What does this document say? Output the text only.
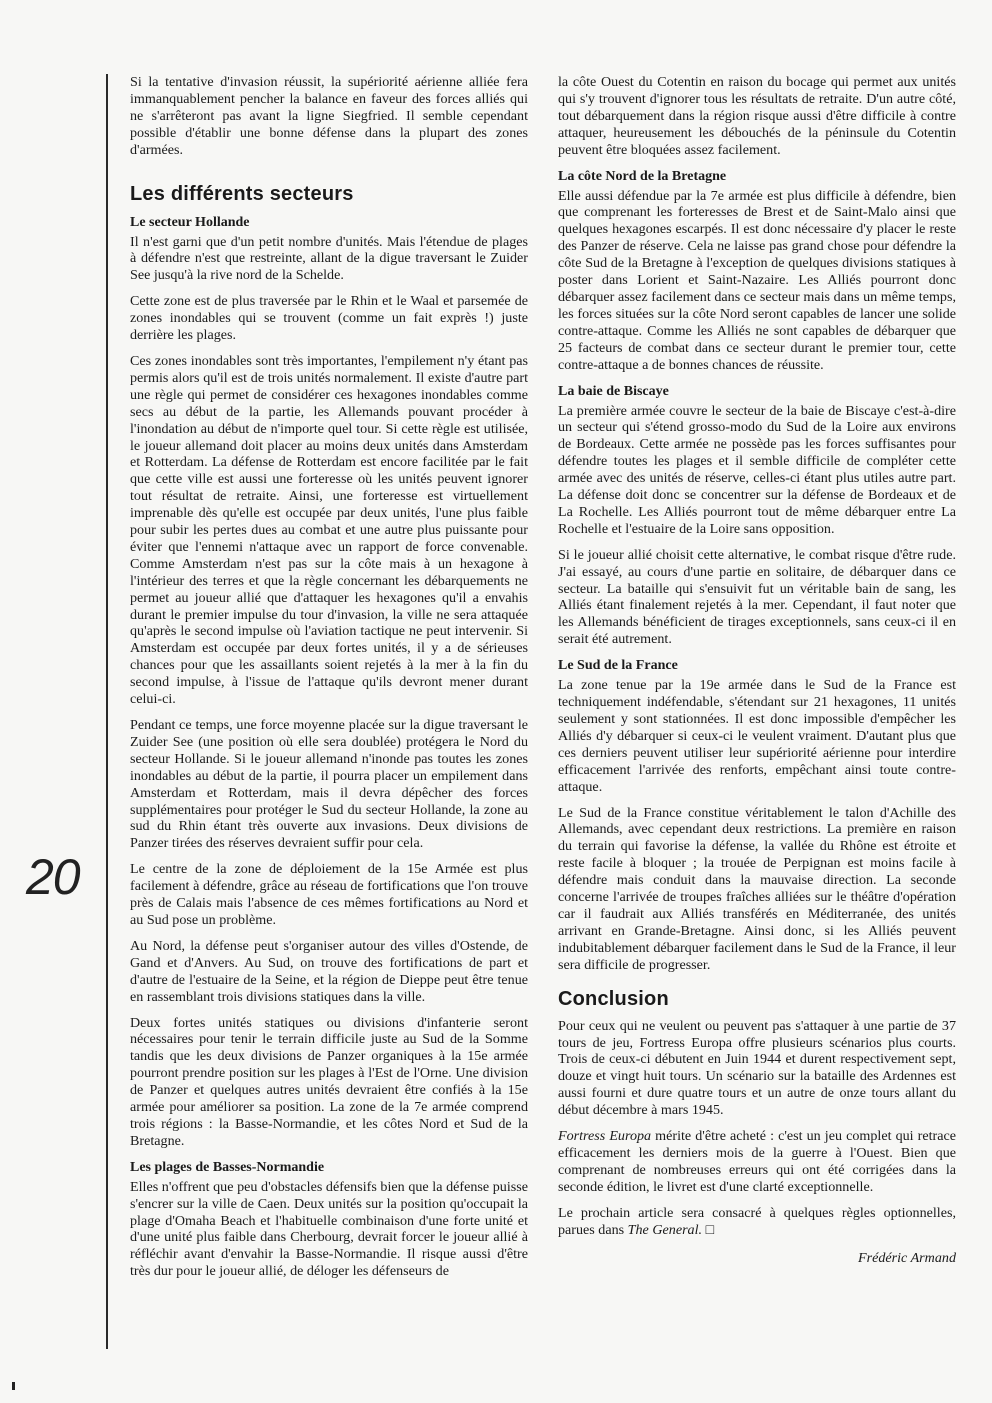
20

Si la tentative d'invasion réussit, la supériorité aérienne alliée fera immanquablement pencher la balance en faveur des forces alliés qui ne s'arrêteront pas avant la ligne Siegfried. Il semble cependant possible d'établir une bonne défense dans la plupart des zones d'armées.

Les différents secteurs
Le secteur Hollande

Il n'est garni que d'un petit nombre d'unités. Mais l'étendue de plages à défendre n'est que restreinte, allant de la digue traversant le Zuider See jusqu'à la rive nord de la Schelde.

Cette zone est de plus traversée par le Rhin et le Waal et parsemée de zones inondables qui se trouvent (comme un fait exprès !) juste derrière les plages.

Ces zones inondables sont très importantes, l'empilement n'y étant pas permis alors qu'il est de trois unités normalement. Il existe d'autre part une règle qui permet de considérer ces hexagones inondables comme secs au début de la partie, les Allemands pouvant procéder à l'inondation au début de n'importe quel tour. Si cette règle est utilisée, le joueur allemand doit placer au moins deux unités dans Amsterdam et Rotterdam. La défense de Rotterdam est encore facilitée par le fait que cette ville est aussi une forteresse où les unités peuvent ignorer tout résultat de retraite. Ainsi, une forteresse est virtuellement imprenable dès qu'elle est occupée par deux unités, l'une plus faible pour subir les pertes dues au combat et une autre plus puissante pour éviter que l'ennemi n'attaque avec un rapport de force convenable. Comme Amsterdam n'est pas sur la côte mais à un hexagone à l'intérieur des terres et que la règle concernant les débarquements ne permet au joueur allié que d'attaquer les hexagones qu'il a envahis durant le premier impulse du tour d'invasion, la ville ne sera attaquée qu'après le second impulse où l'aviation tactique ne peut intervenir. Si Amsterdam est occupée par deux fortes unités, il y a de sérieuses chances pour que les assaillants soient rejetés à la mer à la fin du second impulse, à l'issue de l'attaque qu'ils devront mener durant celui-ci.

Pendant ce temps, une force moyenne placée sur la digue traversant le Zuider See (une position où elle sera doublée) protégera le Nord du secteur Hollande. Si le joueur allemand n'inonde pas toutes les zones inondables au début de la partie, il pourra placer un empilement dans Amsterdam et Rotterdam, mais il devra dépêcher des forces supplémentaires pour protéger le Sud du secteur Hollande, la zone au sud du Rhin étant très ouverte aux invasions. Deux divisions de Panzer tirées des réserves devraient suffir pour cela.

Le centre de la zone de déploiement de la 15e Armée est plus facilement à défendre, grâce au réseau de fortifications que l'on trouve près de Calais mais l'absence de ces mêmes fortifications au Nord et au Sud pose un problème.

Au Nord, la défense peut s'organiser autour des villes d'Ostende, de Gand et d'Anvers. Au Sud, on trouve des fortifications de part et d'autre de l'estuaire de la Seine, et la région de Dieppe peut être tenue en rassemblant trois divisions statiques dans la ville.

Deux fortes unités statiques ou divisions d'infanterie seront nécessaires pour tenir le terrain difficile juste au Sud de la Somme tandis que les deux divisions de Panzer organiques à la 15e armée pourront prendre position sur les plages à l'Est de l'Orne. Une division de Panzer et quelques autres unités devraient être confiés à la 15e armée pour améliorer sa position. La zone de la 7e armée comprend trois régions : la Basse-Normandie, et les côtes Nord et Sud de la Bretagne.

Les plages de Basses-Normandie

Elles n'offrent que peu d'obstacles défensifs bien que la défense puisse s'encrer sur la ville de Caen. Deux unités sur la position qu'occupait la plage d'Omaha Beach et l'habituelle combinaison d'une forte unité et d'une unité plus faible dans Cherbourg, devrait forcer le joueur allié à réfléchir avant d'envahir la Basse-Normandie. Il risque aussi d'être très dur pour le joueur allié, de déloger les défenseurs de

la côte Ouest du Cotentin en raison du bocage qui permet aux unités qui s'y trouvent d'ignorer tous les résultats de retraite. D'un autre côté, tout débarquement dans la région risque aussi d'être difficile à contre attaquer, heureusement les débouchés de la péninsule du Cotentin peuvent être bloquées assez facilement.

La côte Nord de la Bretagne

Elle aussi défendue par la 7e armée est plus difficile à défendre, bien que comprenant les forteresses de Brest et de Saint-Malo ainsi que quelques hexagones escarpés. Il est donc nécessaire d'y placer le reste des Panzer de réserve. Cela ne laisse pas grand chose pour défendre la côte Sud de la Bretagne à l'exception de quelques divisions statiques à poster dans Lorient et Saint-Nazaire. Les Alliés pourront donc débarquer assez facilement dans ce secteur mais dans un même temps, les forces situées sur la côte Nord seront capables de lancer une solide contre-attaque. Comme les Alliés ne sont capables de débarquer que 25 facteurs de combat dans ce secteur durant le premier tour, cette contre-attaque a de bonnes chances de réussite.

La baie de Biscaye

La première armée couvre le secteur de la baie de Biscaye c'est-à-dire un secteur qui s'étend grosso-modo du Sud de la Loire aux environs de Bordeaux. Cette armée ne possède pas les forces suffisantes pour défendre toutes les plages et il semble difficile de compléter cette armée avec des unités de réserve, celles-ci étant plus utiles autre part. La défense doit donc se concentrer sur la défense de Bordeaux et de La Rochelle. Les Alliés pourront tout de même débarquer entre La Rochelle et l'estuaire de la Loire sans opposition.

Si le joueur allié choisit cette alternative, le combat risque d'être rude. J'ai essayé, au cours d'une partie en solitaire, de débarquer dans ce secteur. La bataille qui s'ensuivit fut un véritable bain de sang, les Alliés étant finalement rejetés à la mer. Cependant, il faut noter que les Allemands bénéficient de tirages exceptionnels, sans ceux-ci il en serait été autrement.

Le Sud de la France

La zone tenue par la 19e armée dans le Sud de la France est techniquement indéfendable, s'étendant sur 21 hexagones, 11 unités seulement y sont stationnées. Il est donc impossible d'empêcher les Alliés d'y débarquer si ceux-ci le veulent vraiment. D'autant plus que ces derniers peuvent utiliser leur supériorité aérienne pour interdire efficacement l'arrivée des renforts, empêchant ainsi toute contre-attaque.

Le Sud de la France constitue véritablement le talon d'Achille des Allemands, avec cependant deux restrictions. La première en raison du terrain qui favorise la défense, la vallée du Rhône est étroite et reste facile à bloquer ; la trouée de Perpignan est moins facile à défendre mais conduit dans la mauvaise direction. La seconde concerne l'arrivée de troupes fraîches alliées sur le théâtre d'opération car il faudrait aux Alliés transférés en Méditerranée, des unités arrivant en Grande-Bretagne. Ainsi donc, si les Alliés peuvent indubitablement débarquer facilement dans le Sud de la France, il leur sera difficile de progresser.

Conclusion

Pour ceux qui ne veulent ou peuvent pas s'attaquer à une partie de 37 tours de jeu, Fortress Europa offre plusieurs scénarios plus courts. Trois de ceux-ci débutent en Juin 1944 et durent respectivement sept, douze et vingt huit tours. Un scénario sur la bataille des Ardennes est aussi fourni et dure quatre tours et un autre de onze tours allant du début décembre à mars 1945.

Fortress Europa mérite d'être acheté : c'est un jeu complet qui retrace efficacement les derniers mois de la guerre à l'Ouest. Bien que comprenant de nombreuses erreurs qui ont été corrigées dans la seconde édition, le livret est d'une clarté exceptionnelle.

Le prochain article sera consacré à quelques règles optionnelles, parues dans The General. □

Frédéric Armand
